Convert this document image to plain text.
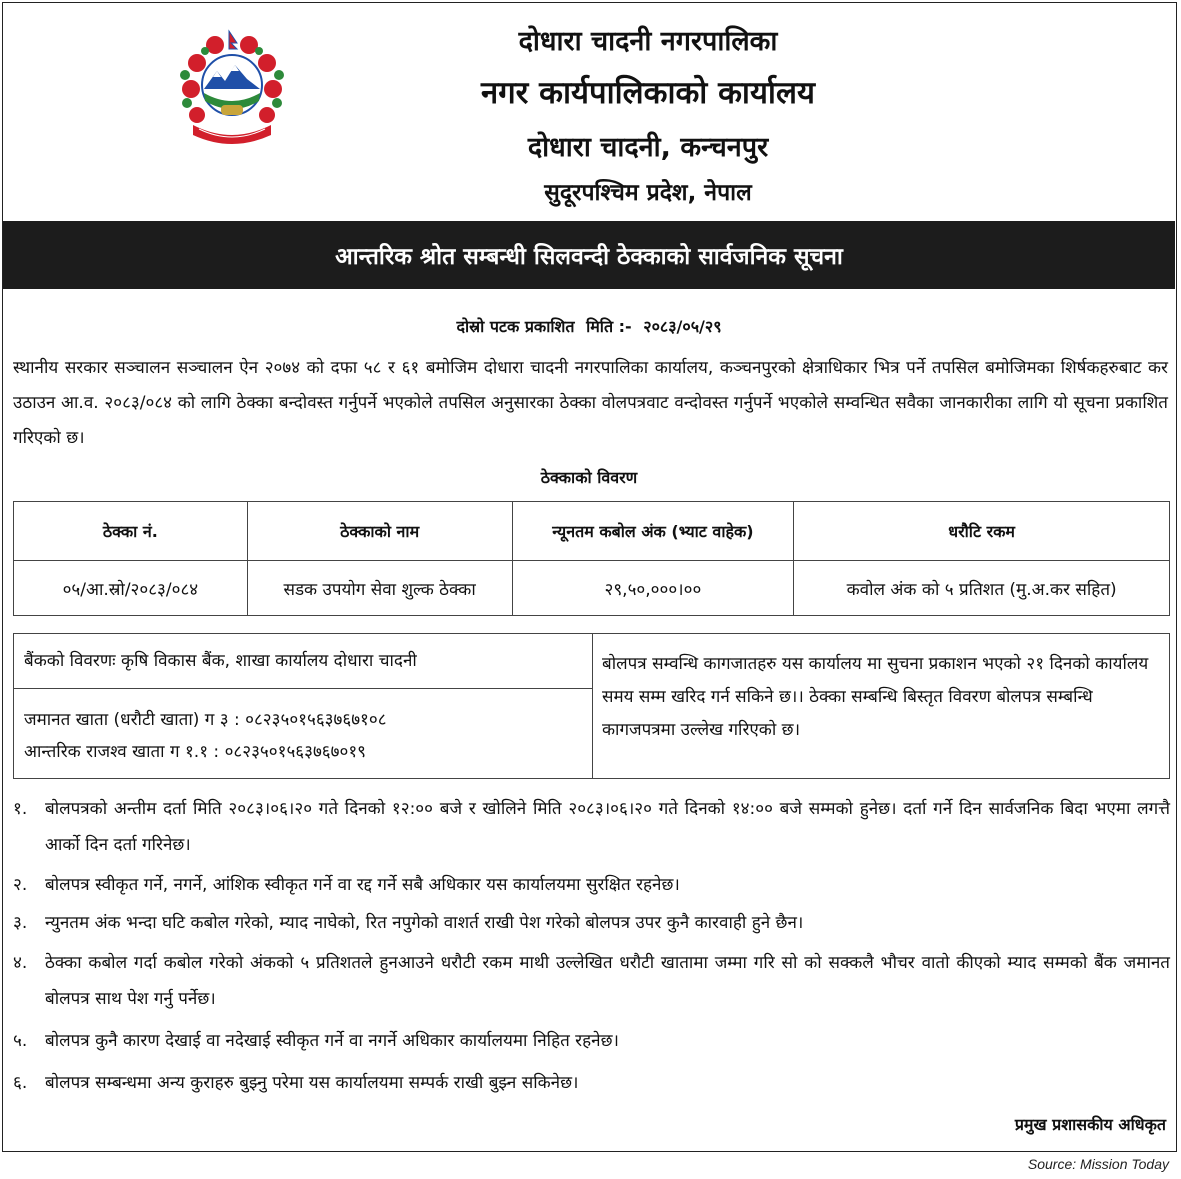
दोधारा चादनी नगरपालिका
नगर कार्यपालिकाको कार्यालय
दोधारा चादनी, कन्चनपुर
सुदूरपश्चिम प्रदेश, नेपाल
आन्तरिक श्रोत सम्बन्धी सिलवन्दी ठेक्काको सार्वजनिक सूचना
दोस्रो पटक प्रकाशित मिति :- २०८३/०५/२९
स्थानीय सरकार सञ्चालन सञ्चालन ऐन २०७४ को दफा ५८ र ६१ बमोजिम दोधारा चादनी नगरपालिका कार्यालय, कञ्चनपुरको क्षेत्राधिकार भित्र पर्ने तपसिल बमोजिमका शिर्षकहरुबाट कर उठाउन आ.व. २०८३/०८४ को लागि ठेक्का बन्दोवस्त गर्नुपर्ने भएकोले तपसिल अनुसारका ठेक्का वोलपत्रवाट वन्दोवस्त गर्नुपर्ने भएकोले सम्वन्धित सवैका जानकारीका लागि यो सूचना प्रकाशित गरिएको छ।
ठेक्काको विवरण
ठेक्का नं.	ठेक्काको नाम	न्यूनतम कबोल अंक (भ्याट वाहेक)	धरौटि रकम
०५/आ.स्रो/२०८३/०८४	सडक उपयोग सेवा शुल्क ठेक्का	२९,५०,०००।००	कवोल अंक को ५ प्रतिशत (मु.अ.कर सहित)
बैंकको विवरणः कृषि विकास बैंक, शाखा कार्यालय दोधारा चादनी
जमानत खाता (धरौटी खाता) ग ३ : ०८२३५०१५६३७६७१०८
आन्तरिक राजश्व खाता ग १.१ : ०८२३५०१५६३७६७०१९
बोलपत्र सम्वन्धि कागजातहरु यस कार्यालय मा सुचना प्रकाशन भएको २१ दिनको कार्यालय समय सम्म खरिद गर्न सकिने छ।। ठेक्का सम्बन्धि बिस्तृत विवरण बोलपत्र सम्बन्धि कागजपत्रमा उल्लेख गरिएको छ।
१.	बोलपत्रको अन्तीम दर्ता मिति २०८३।०६।२० गते दिनको १२:०० बजे र खोलिने मिति २०८३।०६।२० गते दिनको १४:०० बजे सम्मको हुनेछ। दर्ता गर्ने दिन सार्वजनिक बिदा भएमा लगत्तै आर्को दिन दर्ता गरिनेछ।
२.	बोलपत्र स्वीकृत गर्ने, नगर्ने, आंशिक स्वीकृत गर्ने वा रद्द गर्ने सबै अधिकार यस कार्यालयमा सुरक्षित रहनेछ।
३.	न्युनतम अंक भन्दा घटि कबोल गरेको, म्याद नाघेको, रित नपुगेको वाशर्त राखी पेश गरेको बोलपत्र उपर कुनै कारवाही हुने छैन।
४.	ठेक्का कबोल गर्दा कबोल गरेको अंकको ५ प्रतिशतले हुनआउने धरौटी रकम माथी उल्लेखित धरौटी खातामा जम्मा गरि सो को सक्कलै भौचर वातो कीएको म्याद सम्मको बैंक जमानत बोलपत्र साथ पेश गर्नु पर्नेछ।
५.	बोलपत्र कुनै कारण देखाई वा नदेखाई स्वीकृत गर्ने वा नगर्ने अधिकार कार्यालयमा निहित रहनेछ।
६.	बोलपत्र सम्बन्धमा अन्य कुराहरु बुझ्नु परेमा यस कार्यालयमा सम्पर्क राखी बुझ्न सकिनेछ।
प्रमुख प्रशासकीय अधिकृत
Source: Mission Today
